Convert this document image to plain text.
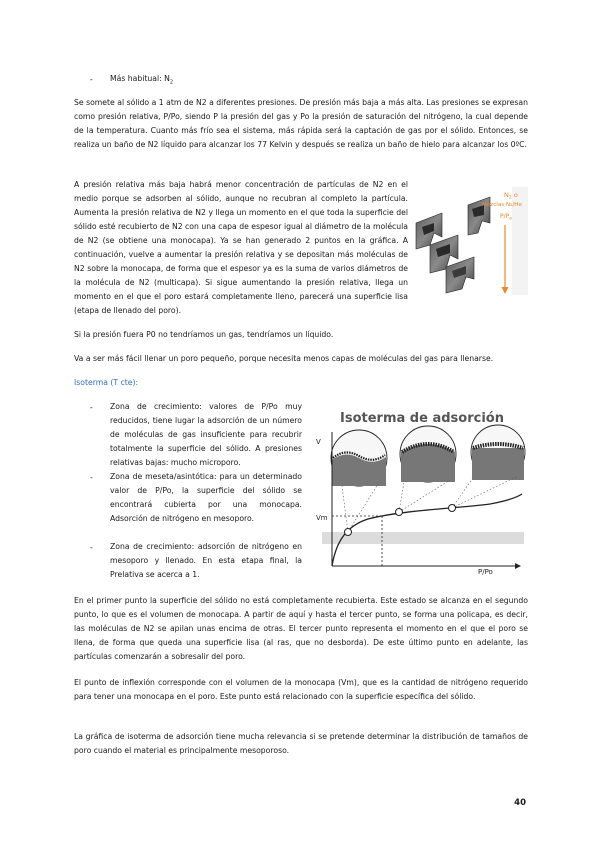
- Más habitual: $N_2$

Se somete al sólido a 1 atm de N2 a diferentes presiones. De presión más baja a más alta. Las presiones se expresan como presión relativa, P/Po, siendo P la presión del gas y Po la presión de saturación del nitrógeno, la cual depende de la temperatura. Cuanto más frío sea el sistema, más rápida será la captación de gas por el sólido. Entonces, se realiza un baño de N2 líquido para alcanzar los 77 Kelvin y después se realiza un baño de hielo para alcanzar los 0ºC.

A presión relativa más baja habrá menor concentración de partículas de N2 en el medio porque se adsorben al sólido, aunque no recubran al completo la partícula. Aumenta la presión relativa de N2 y llega un momento en el que toda la superficie del sólido esté recubierto de N2 con una capa de espesor igual al diámetro de la molécula de N2 (se obtiene una monocapa). Ya se han generado 2 puntos en la gráfica. A continuación, vuelve a aumentar la presión relativa y se depositan más moléculas de N2 sobre la monocapa, de forma que el espesor ya es la suma de varios diámetros de la molécula de N2 (multicapa). Si sigue aumentando la presión relativa, llega un momento en el que el poro estará completamente lleno, parecerá una superficie lisa (etapa de llenado del poro).

$N_2$ o
Mezclas N₂/He
$P/P_o$

Si la presión fuera P0 no tendríamos un gas, tendríamos un líquido.

Va a ser más fácil llenar un poro pequeño, porque necesita menos capas de moléculas del gas para llenarse.

Isoterma (T cte):

- Zona de crecimiento: valores de P/Po muy reducidos, tiene lugar la adsorción de un número de moléculas de gas insuficiente para recubrir totalmente la superficie del sólido. A presiones relativas bajas: mucho microporo.

- Zona de meseta/asintótica: para un determinado valor de P/Po, la superficie del sólido se encontrará cubierta por una monocapa. Adsorción de nitrógeno en mesoporo.

- Zona de crecimiento: adsorción de nitrógeno en mesoporo y llenado. En esta etapa final, la Prelativa se acerca a 1.

Isoterma de adsorción
V
Vm
P/Po

En el primer punto la superficie del sólido no está completamente recubierta. Este estado se alcanza en el segundo punto, lo que es el volumen de monocapa. A partir de aquí y hasta el tercer punto, se forma una policapa, es decir, las moléculas de N2 se apilan unas encima de otras. El tercer punto representa el momento en el que el poro se llena, de forma que queda una superficie lisa (al ras, que no desborda). De este último punto en adelante, las partículas comenzarán a sobresalir del poro.

El punto de inflexión corresponde con el volumen de la monocapa (Vm), que es la cantidad de nitrógeno requerido para tener una monocapa en el poro. Este punto está relacionado con la superficie específica del sólido.

La gráfica de isoterma de adsorción tiene mucha relevancia si se pretende determinar la distribución de tamaños de poro cuando el material es principalmente mesoporoso.

40
